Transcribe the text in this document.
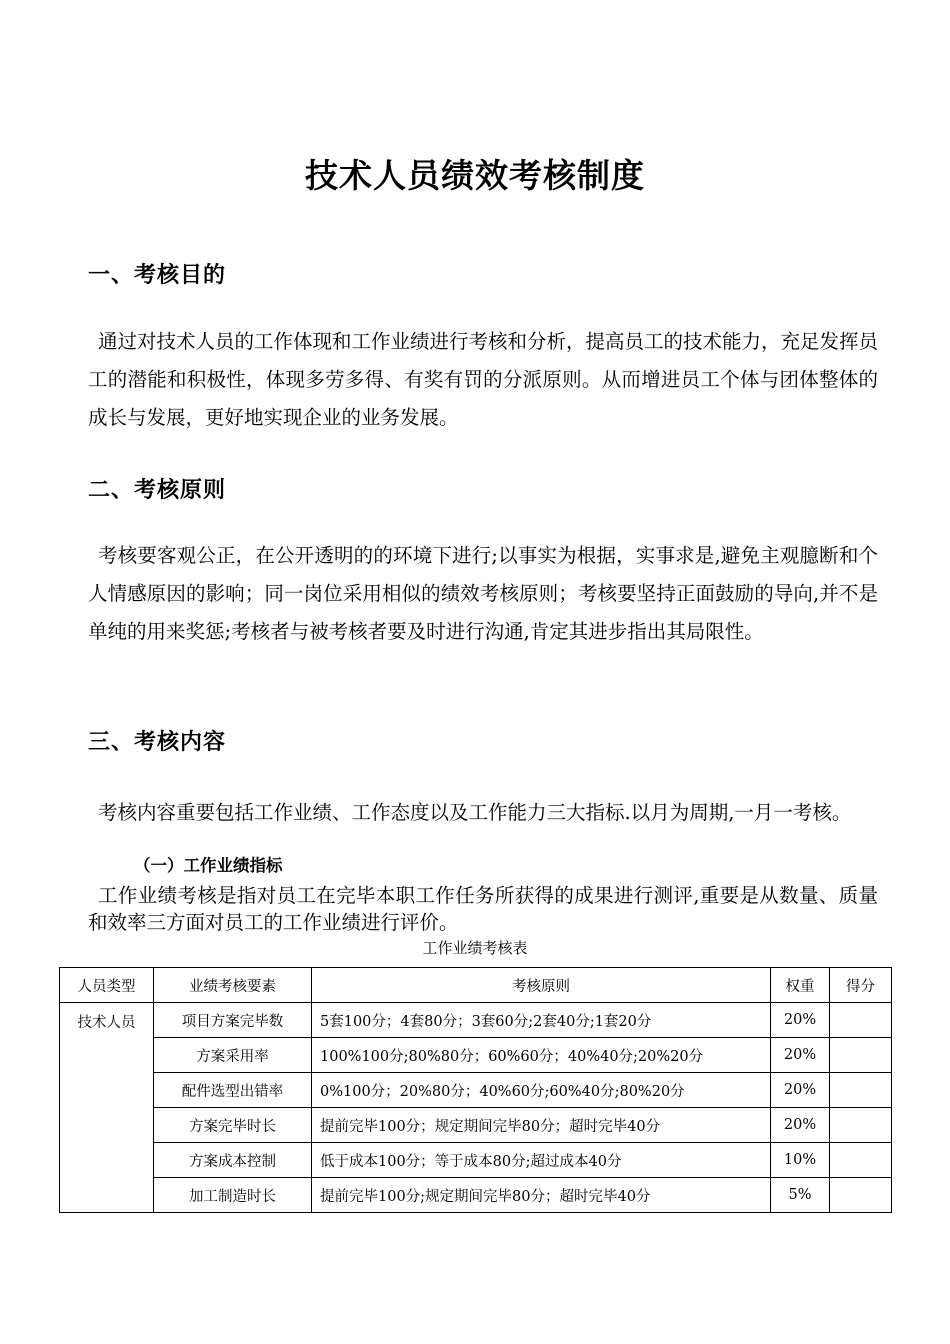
技术人员绩效考核制度
一、考核目的
通过对技术人员的工作体现和工作业绩进行考核和分析，提高员工的技术能力，充足发挥员工的潜能和积极性，体现多劳多得、有奖有罚的分派原则。从而增进员工个体与团体整体的成长与发展，更好地实现企业的业务发展。
二、考核原则
考核要客观公正，在公开透明的的环境下进行;以事实为根据，实事求是,避免主观臆断和个人情感原因的影响；同一岗位采用相似的绩效考核原则；考核要坚持正面鼓励的导向,并不是单纯的用来奖惩;考核者与被考核者要及时进行沟通,肯定其进步指出其局限性。
三、考核内容
考核内容重要包括工作业绩、工作态度以及工作能力三大指标.以月为周期,一月一考核。
（一）工作业绩指标
工作业绩考核是指对员工在完毕本职工作任务所获得的成果进行测评,重要是从数量、质量和效率三方面对员工的工作业绩进行评价。
工作业绩考核表
人员类型	业绩考核要素	考核原则	权重	得分
技术人员	项目方案完毕数	5套100分；4套80分；3套60分;2套40分;1套20分	20%	
	方案采用率	100%100分;80%80分；60%60分；40%40分;20%20分	20%	
	配件选型出错率	0%100分；20%80分；40%60分;60%40分;80%20分	20%	
	方案完毕时长	提前完毕100分；规定期间完毕80分；超时完毕40分	20%	
	方案成本控制	低于成本100分；等于成本80分;超过成本40分	10%	
	加工制造时长	提前完毕100分;规定期间完毕80分；超时完毕40分	5%	
